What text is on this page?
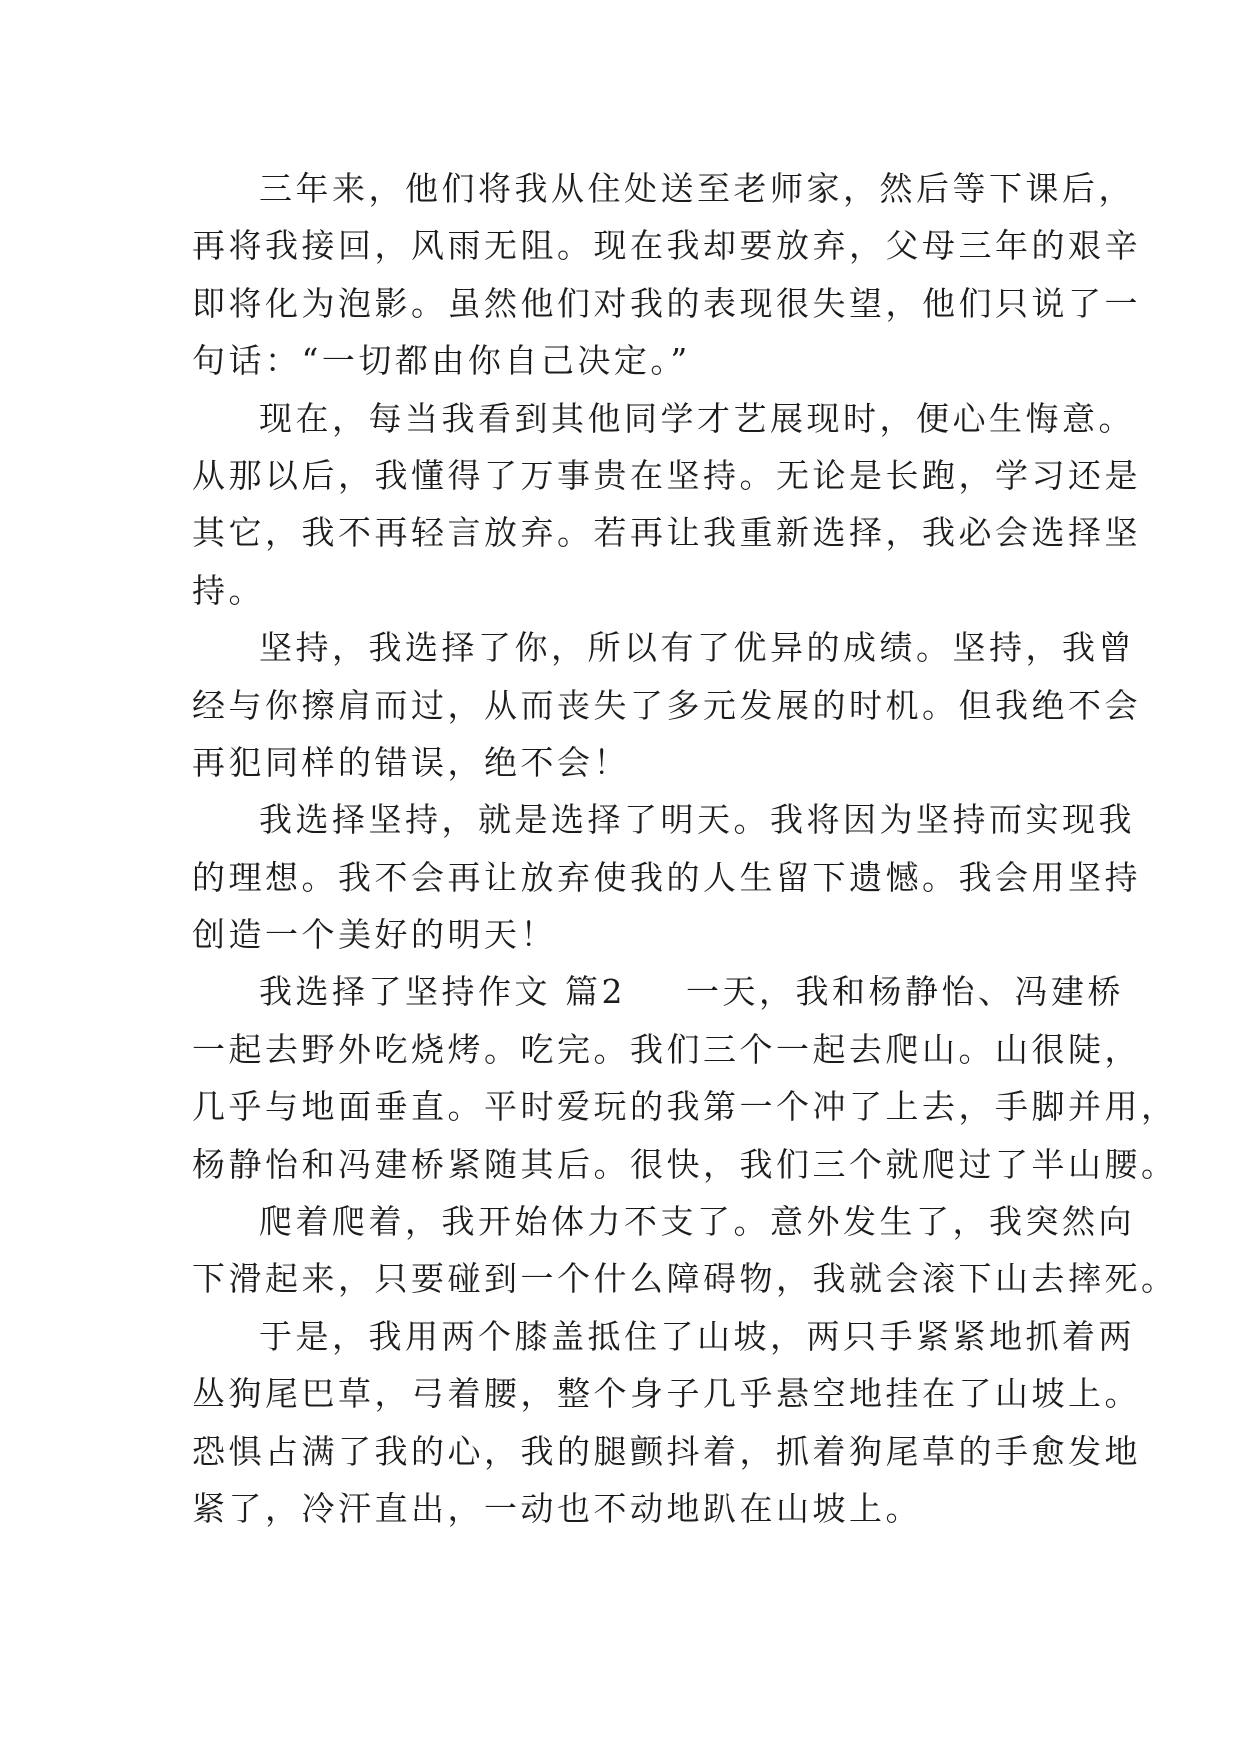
三年来，他们将我从住处送至老师家，然后等下课后，
再将我接回，风雨无阻。现在我却要放弃，父母三年的艰辛
即将化为泡影。虽然他们对我的表现很失望，他们只说了一
句话：“一切都由你自己决定。”
现在，每当我看到其他同学才艺展现时，便心生悔意。
从那以后，我懂得了万事贵在坚持。无论是长跑，学习还是
其它，我不再轻言放弃。若再让我重新选择，我必会选择坚
持。
坚持，我选择了你，所以有了优异的成绩。坚持，我曾
经与你擦肩而过，从而丧失了多元发展的时机。但我绝不会
再犯同样的错误，绝不会！
我选择坚持，就是选择了明天。我将因为坚持而实现我
的理想。我不会再让放弃使我的人生留下遗憾。我会用坚持
创造一个美好的明天！
我选择了坚持作文 篇2 一天，我和杨静怡、冯建桥
一起去野外吃烧烤。吃完。我们三个一起去爬山。山很陡，
几乎与地面垂直。平时爱玩的我第一个冲了上去，手脚并用，
杨静怡和冯建桥紧随其后。很快，我们三个就爬过了半山腰。
爬着爬着，我开始体力不支了。意外发生了，我突然向
下滑起来，只要碰到一个什么障碍物，我就会滚下山去摔死。
于是，我用两个膝盖抵住了山坡，两只手紧紧地抓着两
丛狗尾巴草，弓着腰，整个身子几乎悬空地挂在了山坡上。
恐惧占满了我的心，我的腿颤抖着，抓着狗尾草的手愈发地
紧了，冷汗直出，一动也不动地趴在山坡上。
